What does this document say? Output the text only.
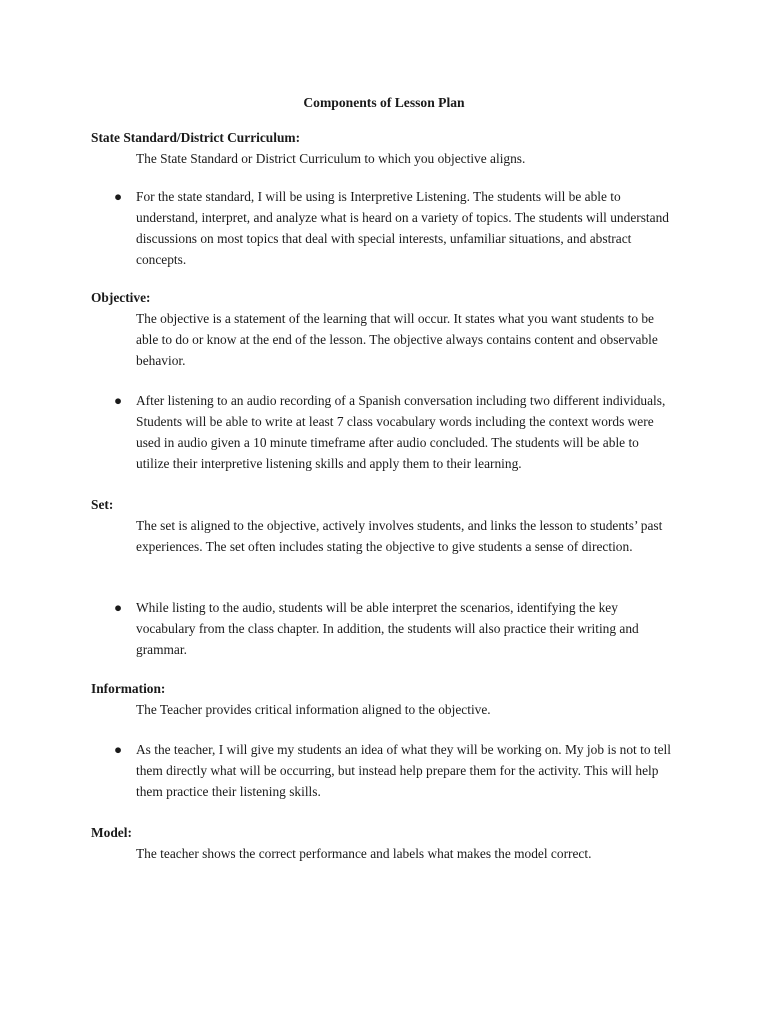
Components of Lesson Plan

State Standard/District Curriculum:

The State Standard or District Curriculum to which you objective aligns.

● For the state standard, I will be using is Interpretive Listening. The students will be able to understand, interpret, and analyze what is heard on a variety of topics. The students will understand discussions on most topics that deal with special interests, unfamiliar situations, and abstract concepts.

Objective:

The objective is a statement of the learning that will occur. It states what you want students to be able to do or know at the end of the lesson. The objective always contains content and observable behavior.

● After listening to an audio recording of a Spanish conversation including two different individuals, Students will be able to write at least 7 class vocabulary words including the context words were used in audio given a 10 minute timeframe after audio concluded. The students will be able to utilize their interpretive listening skills and apply them to their learning.

Set:

The set is aligned to the objective, actively involves students, and links the lesson to students’ past experiences. The set often includes stating the objective to give students a sense of direction.

● While listing to the audio, students will be able interpret the scenarios, identifying the key vocabulary from the class chapter. In addition, the students will also practice their writing and grammar.

Information:

The Teacher provides critical information aligned to the objective.

● As the teacher, I will give my students an idea of what they will be working on. My job is not to tell them directly what will be occurring, but instead help prepare them for the activity. This will help them practice their listening skills.

Model:

The teacher shows the correct performance and labels what makes the model correct.
